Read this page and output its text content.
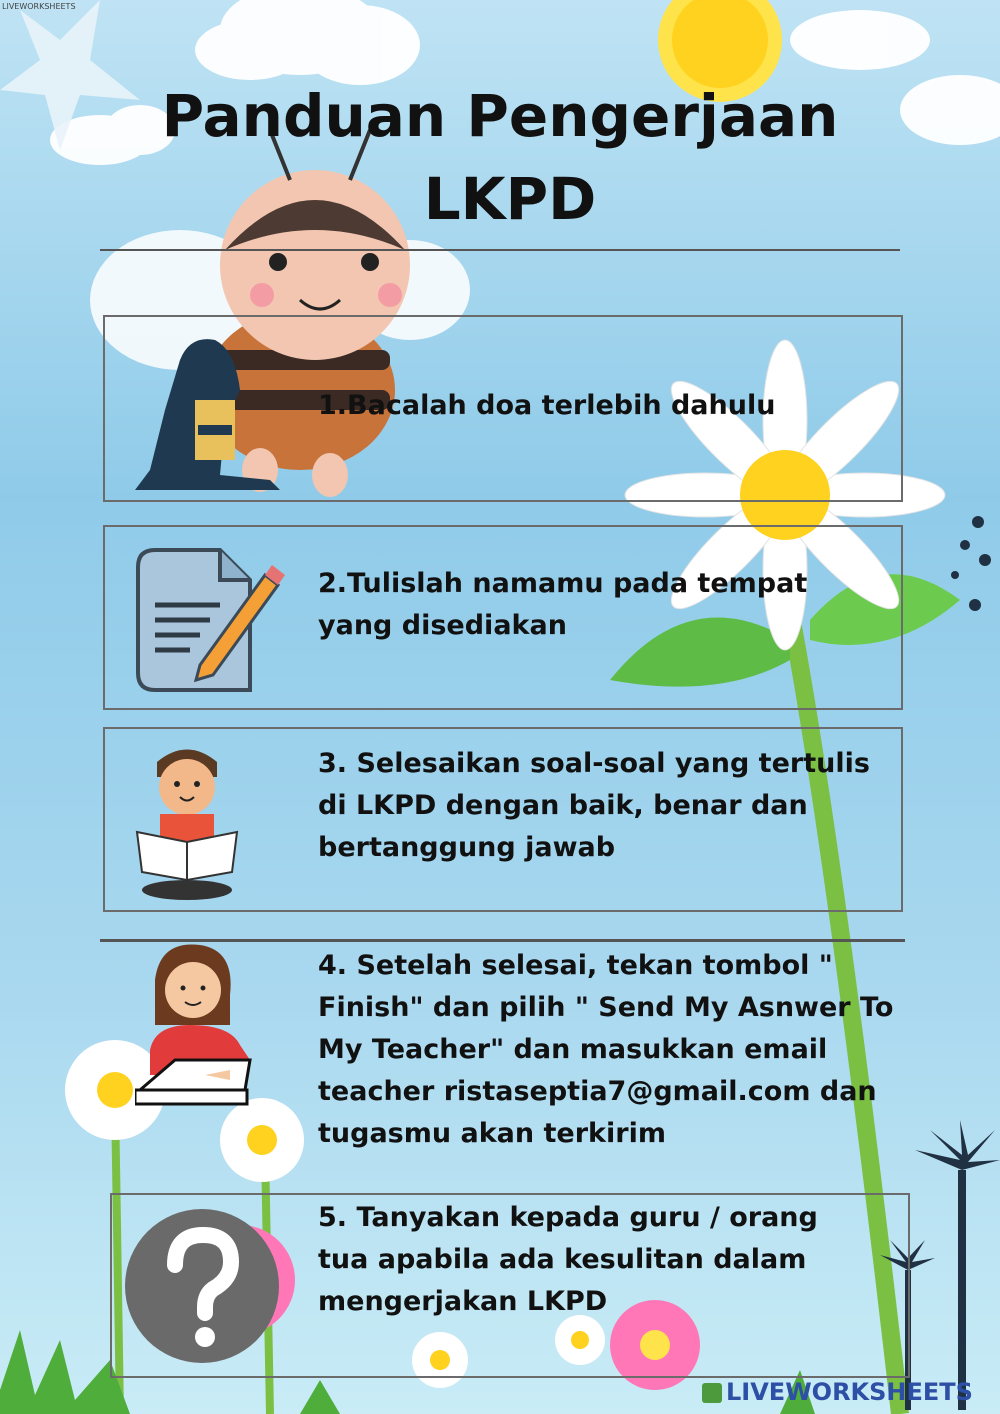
LIVEWORKSHEETS
Panduan Pengerjaan
LKPD
1.Bacalah doa terlebih dahulu
2.Tulislah namamu pada tempat
yang disediakan
3. Selesaikan soal-soal yang tertulis
di LKPD dengan baik, benar dan
bertanggung jawab
4. Setelah selesai, tekan tombol "
Finish" dan pilih " Send My Asnwer To
My Teacher" dan masukkan email
teacher ristaseptia7@gmail.com dan
tugasmu akan terkirim
5. Tanyakan kepada guru / orang
tua apabila ada kesulitan dalam
mengerjakan LKPD
LIVEWORKSHEETS
